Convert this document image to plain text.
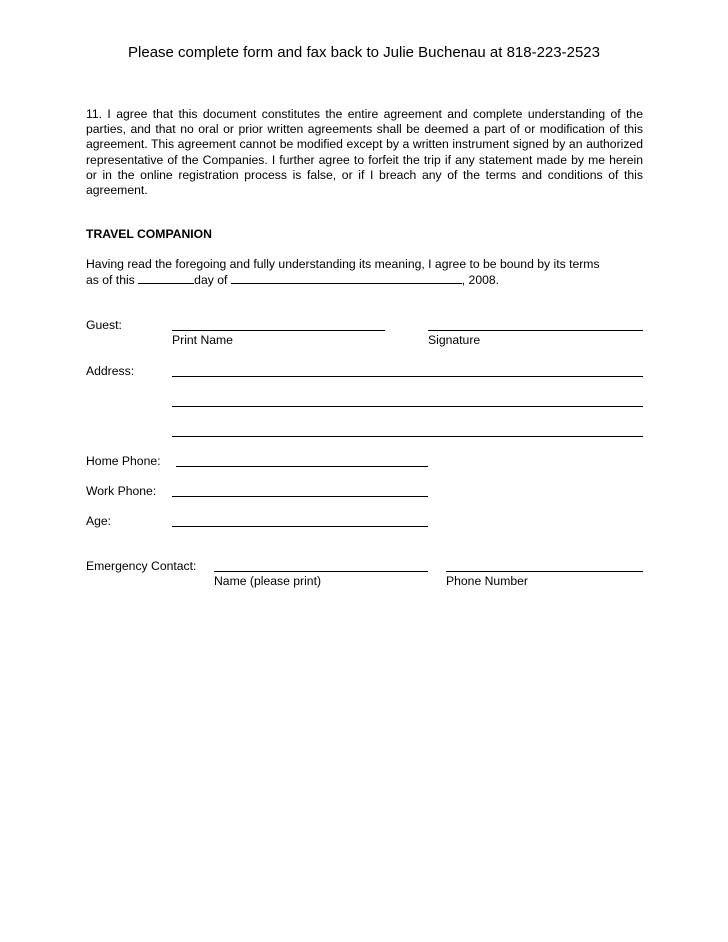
Please complete form and fax back to Julie Buchenau at 818-223-2523
11. I agree that this document constitutes the entire agreement and complete understanding of the parties, and that no oral or prior written agreements shall be deemed a part of or modification of this agreement. This agreement cannot be modified except by a written instrument signed by an authorized representative of the Companies. I further agree to forfeit the trip if any statement made by me herein or in the online registration process is false, or if I breach any of the terms and conditions of this agreement.
TRAVEL COMPANION
Having read the foregoing and fully understanding its meaning, I agree to be bound by its terms
as of this	day of	, 2008.
Guest:
Print Name	Signature
Address:
Home Phone:
Work Phone:
Age:
Emergency Contact:
Name (please print)	Phone Number
